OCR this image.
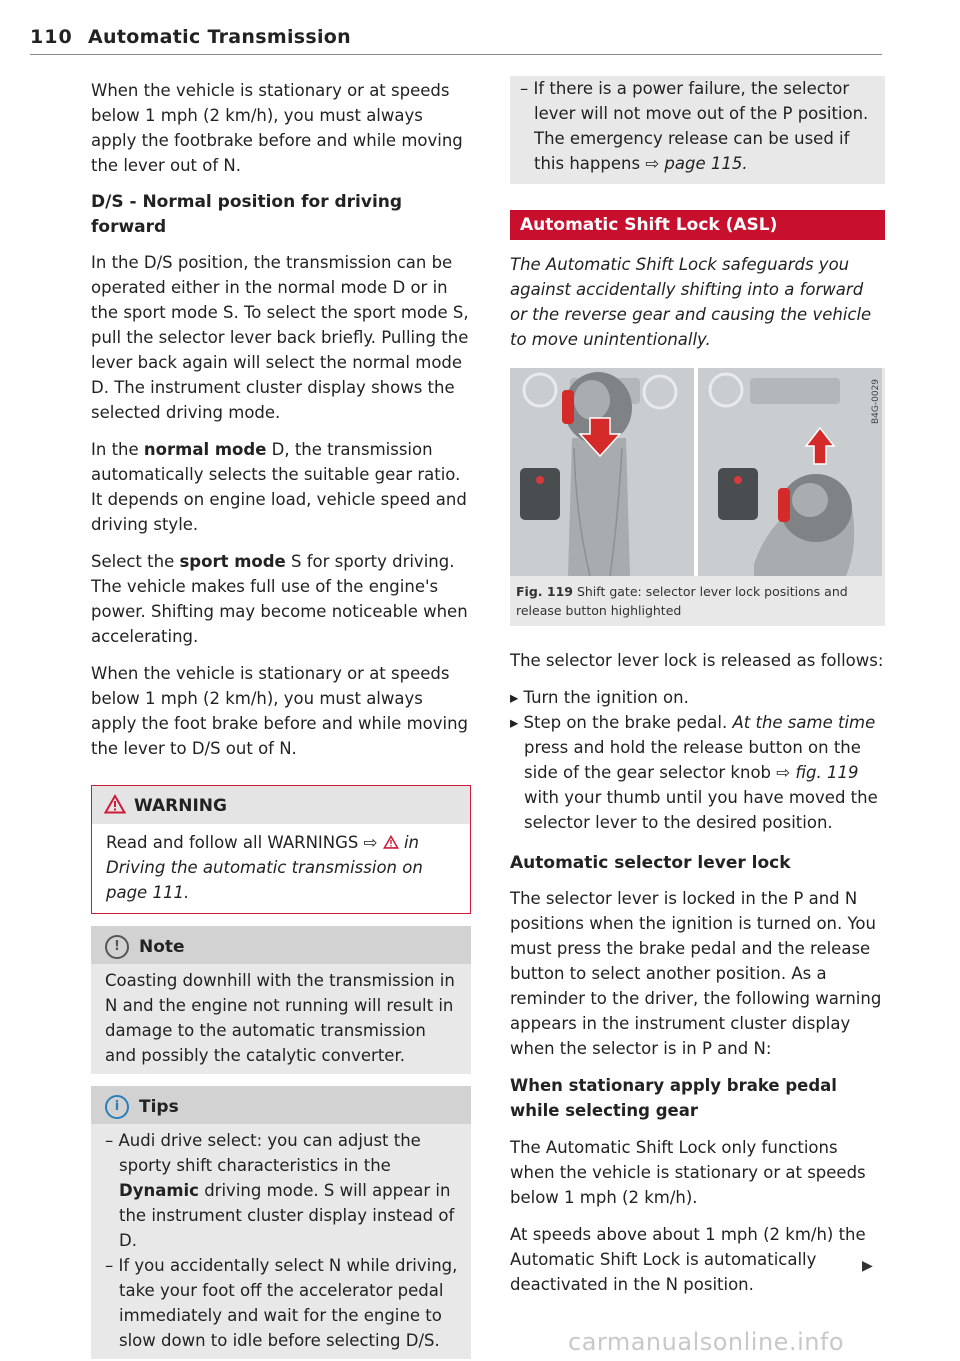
110 Automatic Transmission

When the vehicle is stationary or at speeds below 1 mph (2 km/h), you must always apply the footbrake before and while moving the lever out of N.

D/S - Normal position for driving forward

In the D/S position, the transmission can be operated either in the normal mode D or in the sport mode S. To select the sport mode S, pull the selector lever back briefly. Pulling the lever back again will select the normal mode D. The instrument cluster display shows the selected driving mode.

In the normal mode D, the transmission automatically selects the suitable gear ratio. It depends on engine load, vehicle speed and driving style.

Select the sport mode S for sporty driving. The vehicle makes full use of the engine's power. Shifting may become noticeable when accelerating.

When the vehicle is stationary or at speeds below 1 mph (2 km/h), you must always apply the foot brake before and while moving the lever to D/S out of N.

WARNING
Read and follow all WARNINGS ⇨  in Driving the automatic transmission on page 111.
! Note
Coasting downhill with the transmission in N and the engine not running will result in damage to the automatic transmission and possibly the catalytic converter.
i Tips

– Audi drive select: you can adjust the sporty shift characteristics in the Dynamic driving mode. S will appear in the instrument cluster display instead of D.

– If you accidentally select N while driving, take your foot off the accelerator pedal immediately and wait for the engine to slow down to idle before selecting D/S.

– If there is a power failure, the selector lever will not move out of the P position. The emergency release can be used if this happens ⇨ page 115.

Automatic Shift Lock (ASL)

The Automatic Shift Lock safeguards you against accidentally shifting into a forward or the reverse gear and causing the vehicle to move unintentionally.

B4G-0029
Fig. 119 Shift gate: selector lever lock positions and release button highlighted

The selector lever lock is released as follows:

▸ Turn the ignition on.

▸ Step on the brake pedal. At the same time press and hold the release button on the side of the gear selector knob ⇨ fig. 119 with your thumb until you have moved the selector lever to the desired position.

Automatic selector lever lock

The selector lever is locked in the P and N positions when the ignition is turned on. You must press the brake pedal and the release button to select another position. As a reminder to the driver, the following warning appears in the instrument cluster display when the selector is in P and N:

When stationary apply brake pedal while selecting gear

The Automatic Shift Lock only functions when the vehicle is stationary or at speeds below 1 mph (2 km/h).

At speeds above about 1 mph (2 km/h) the Automatic Shift Lock is automatically deactivated in the N position.

▶
carmanualsonline.info
